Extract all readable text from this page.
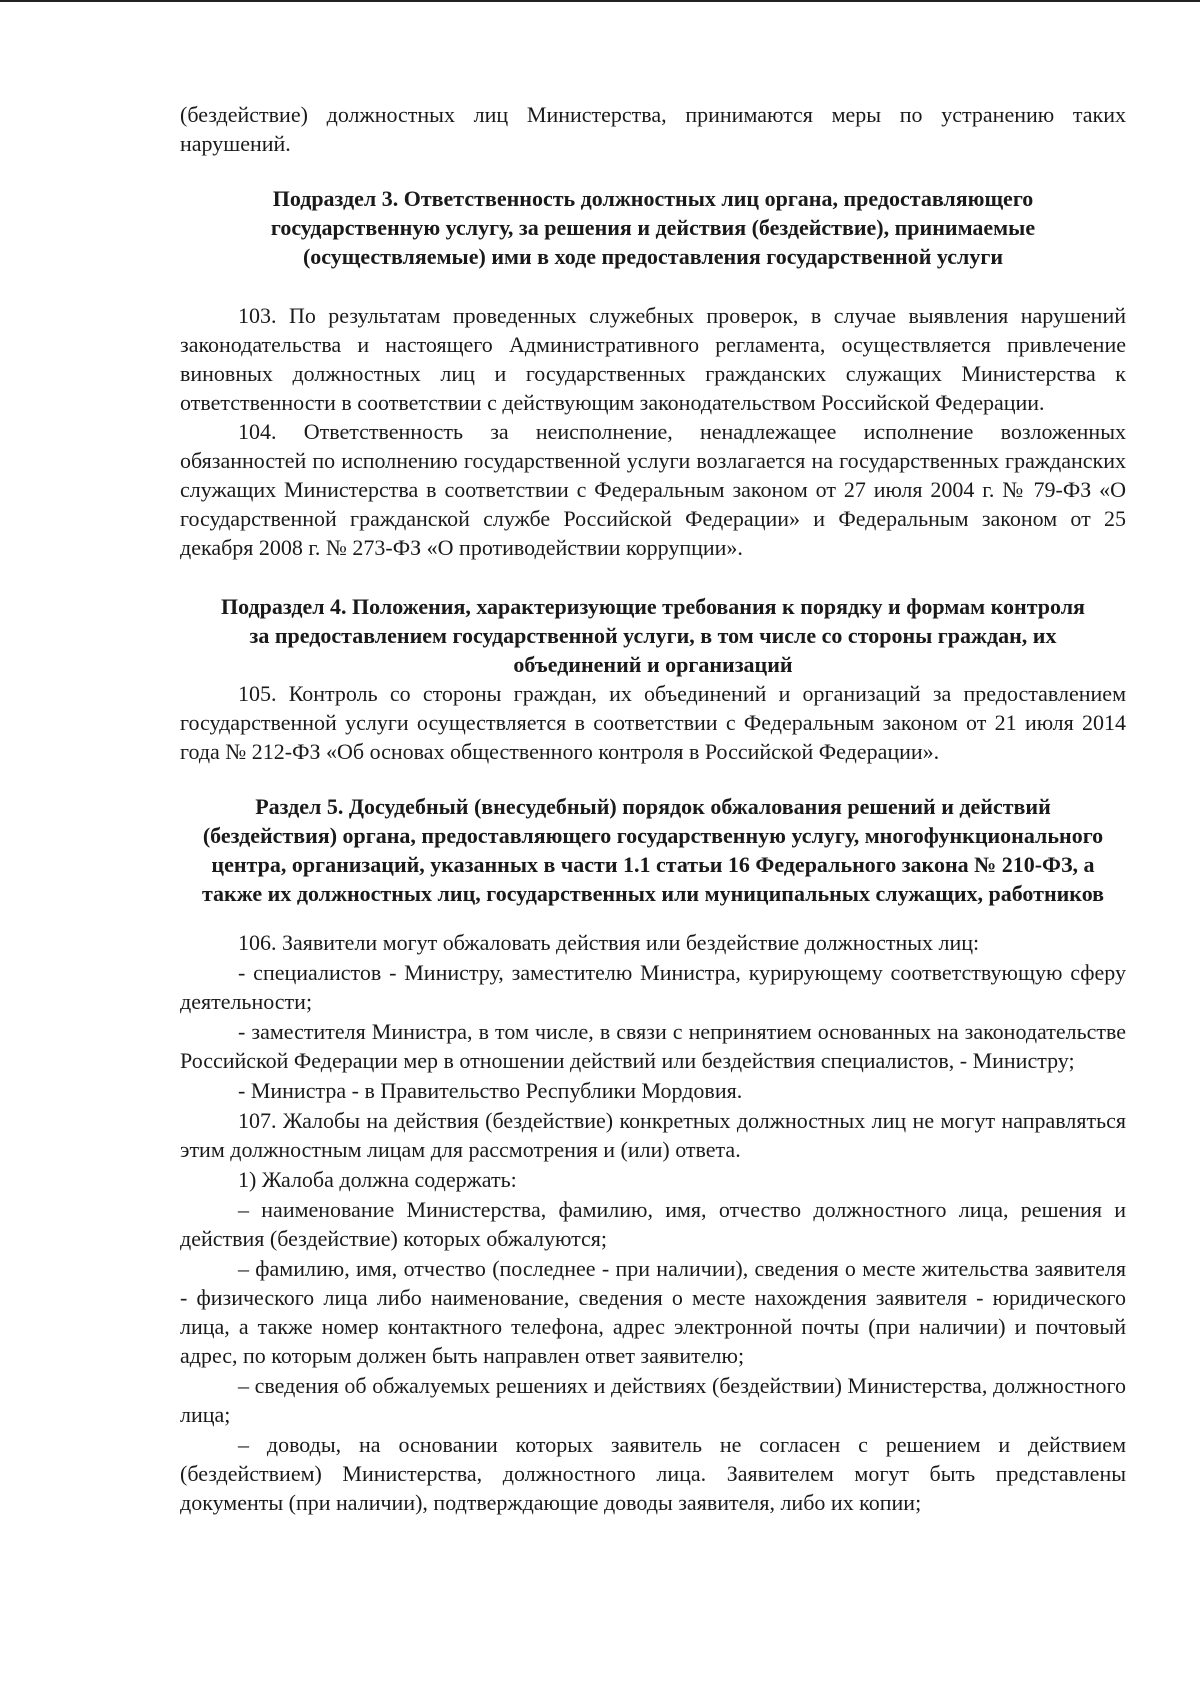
(бездействие) должностных лиц Министерства, принимаются меры по устранению таких нарушений.

Подраздел 3. Ответственность должностных лиц органа, предоставляющего государственную услугу, за решения и действия (бездействие), принимаемые (осуществляемые) ими в ходе предоставления государственной услуги

103. По результатам проведенных служебных проверок, в случае выявления нарушений законодательства и настоящего Административного регламента, осуществляется привлечение виновных должностных лиц и государственных гражданских служащих Министерства к ответственности в соответствии с действующим законодательством Российской Федерации.

104. Ответственность за неисполнение, ненадлежащее исполнение возложенных обязанностей по исполнению государственной услуги возлагается на государственных гражданских служащих Министерства в соответствии с Федеральным законом от 27 июля 2004 г. № 79-ФЗ «О государственной гражданской службе Российской Федерации» и Федеральным законом от 25 декабря 2008 г. № 273-ФЗ «О противодействии коррупции».

Подраздел 4. Положения, характеризующие требования к порядку и формам контроля за предоставлением государственной услуги, в том числе со стороны граждан, их объединений и организаций

105. Контроль со стороны граждан, их объединений и организаций за предоставлением государственной услуги осуществляется в соответствии с Федеральным законом от 21 июля 2014 года № 212-ФЗ «Об основах общественного контроля в Российской Федерации».

Раздел 5. Досудебный (внесудебный) порядок обжалования решений и действий (бездействия) органа, предоставляющего государственную услугу, многофункционального центра, организаций, указанных в части 1.1 статьи 16 Федерального закона № 210-ФЗ, а также их должностных лиц, государственных или муниципальных служащих, работников

106. Заявители могут обжаловать действия или бездействие должностных лиц:

- специалистов - Министру, заместителю Министра, курирующему соответствующую сферу деятельности;

- заместителя Министра, в том числе, в связи с непринятием основанных на законодательстве Российской Федерации мер в отношении действий или бездействия специалистов, - Министру;

- Министра - в Правительство Республики Мордовия.

107. Жалобы на действия (бездействие) конкретных должностных лиц не могут направляться этим должностным лицам для рассмотрения и (или) ответа.

1) Жалоба должна содержать:

– наименование Министерства, фамилию, имя, отчество должностного лица, решения и действия (бездействие) которых обжалуются;

– фамилию, имя, отчество (последнее - при наличии), сведения о месте жительства заявителя - физического лица либо наименование, сведения о месте нахождения заявителя - юридического лица, а также номер контактного телефона, адрес электронной почты (при наличии) и почтовый адрес, по которым должен быть направлен ответ заявителю;

– сведения об обжалуемых решениях и действиях (бездействии) Министерства, должностного лица;

– доводы, на основании которых заявитель не согласен с решением и действием (бездействием) Министерства, должностного лица. Заявителем могут быть представлены документы (при наличии), подтверждающие доводы заявителя, либо их копии;
